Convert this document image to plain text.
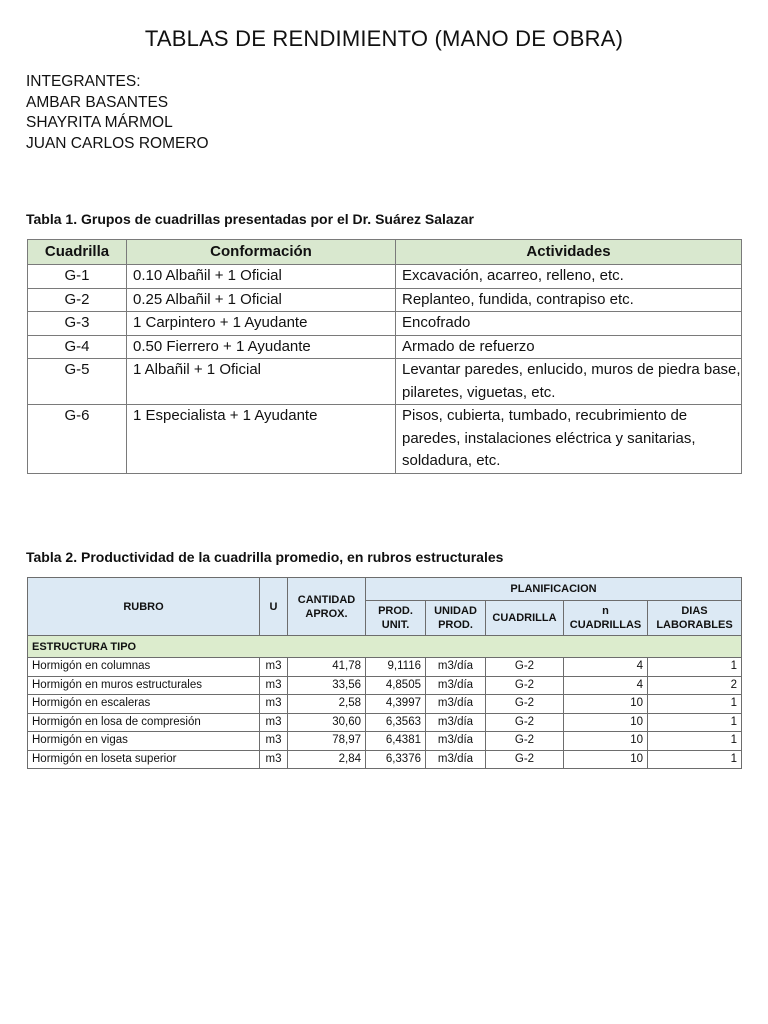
TABLAS DE RENDIMIENTO (MANO DE OBRA)
INTEGRANTES:
AMBAR BASANTES
SHAYRITA MÁRMOL
JUAN CARLOS ROMERO
Tabla 1. Grupos de cuadrillas presentadas por el Dr. Suárez Salazar
Cuadrilla	Conformación	Actividades
G-1	0.10 Albañil + 1 Oficial	Excavación, acarreo, relleno, etc.
G-2	0.25 Albañil + 1 Oficial	Replanteo, fundida, contrapiso etc.
G-3	1 Carpintero + 1 Ayudante	Encofrado
G-4	0.50 Fierrero + 1 Ayudante	Armado de refuerzo
G-5	1 Albañil + 1 Oficial	Levantar paredes, enlucido, muros de piedra base, pilaretes, viguetas, etc.
G-6	1 Especialista + 1 Ayudante	Pisos, cubierta, tumbado, recubrimiento de paredes, instalaciones eléctrica y sanitarias, soldadura, etc.
Tabla 2. Productividad de la cuadrilla promedio, en rubros estructurales
RUBRO	U	CANTIDAD APROX.	PLANIFICACION				
			PROD. UNIT.	UNIDAD PROD.	CUADRILLA	n CUADRILLAS	DIAS LABORABLES
ESTRUCTURA TIPO							
Hormigón en columnas	m3	41,78	9,1116	m3/día	G-2	4	1
Hormigón en muros estructurales	m3	33,56	4,8505	m3/día	G-2	4	2
Hormigón en escaleras	m3	2,58	4,3997	m3/día	G-2	10	1
Hormigón en losa de compresión	m3	30,60	6,3563	m3/día	G-2	10	1
Hormigón en vigas	m3	78,97	6,4381	m3/día	G-2	10	1
Hormigón en loseta superior	m3	2,84	6,3376	m3/día	G-2	10	1
